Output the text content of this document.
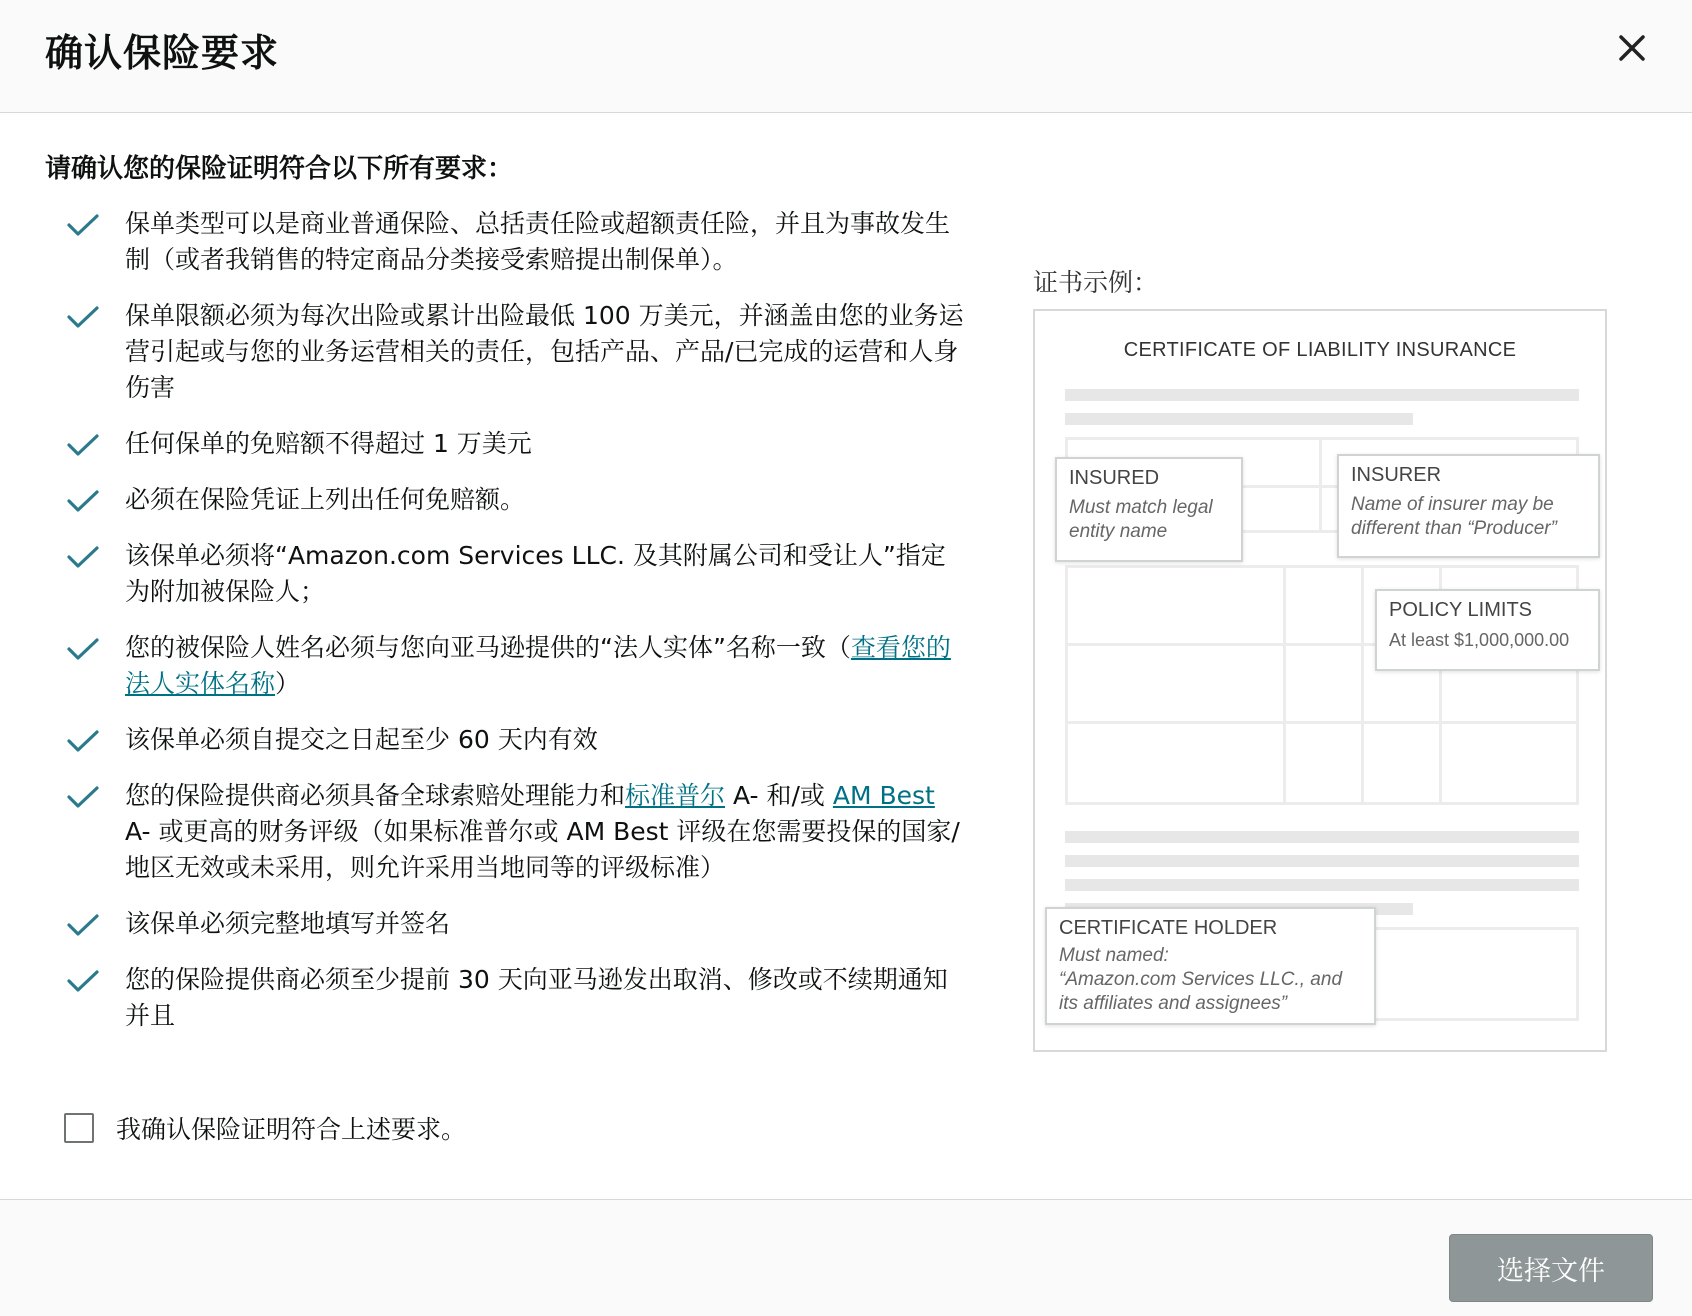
确认保险要求
请确认您的保险证明符合以下所有要求：
保单类型可以是商业普通保险、总括责任险或超额责任险，并且为事故发生制（或者我销售的特定商品分类接受索赔提出制保单）。
保单限额必须为每次出险或累计出险最低 100 万美元，并涵盖由您的业务运营引起或与您的业务运营相关的责任，包括产品、产品/已完成的运营和人身伤害
任何保单的免赔额不得超过 1 万美元
必须在保险凭证上列出任何免赔额。
该保单必须将“Amazon.com Services LLC. 及其附属公司和受让人”指定为附加被保险人；
您的被保险人姓名必须与您向亚马逊提供的“法人实体”名称一致（查看您的法人实体名称）
该保单必须自提交之日起至少 60 天内有效
您的保险提供商必须具备全球索赔处理能力和标准普尔 A- 和/或 AM Best A- 或更高的财务评级（如果标准普尔或 AM Best 评级在您需要投保的国家/地区无效或未采用，则允许采用当地同等的评级标准）
该保单必须完整地填写并签名
您的保险提供商必须至少提前 30 天向亚马逊发出取消、修改或不续期通知并且
我确认保险证明符合上述要求。
证书示例：
CERTIFICATE OF LIABILITY INSURANCE
INSURED
Must match legal entity name
INSURER
Name of insurer may be different than “Producer”
POLICY LIMITS
At least $1,000,000.00
CERTIFICATE HOLDER
Must named:
“Amazon.com Services LLC., and
its affiliates and assignees”
选择文件
